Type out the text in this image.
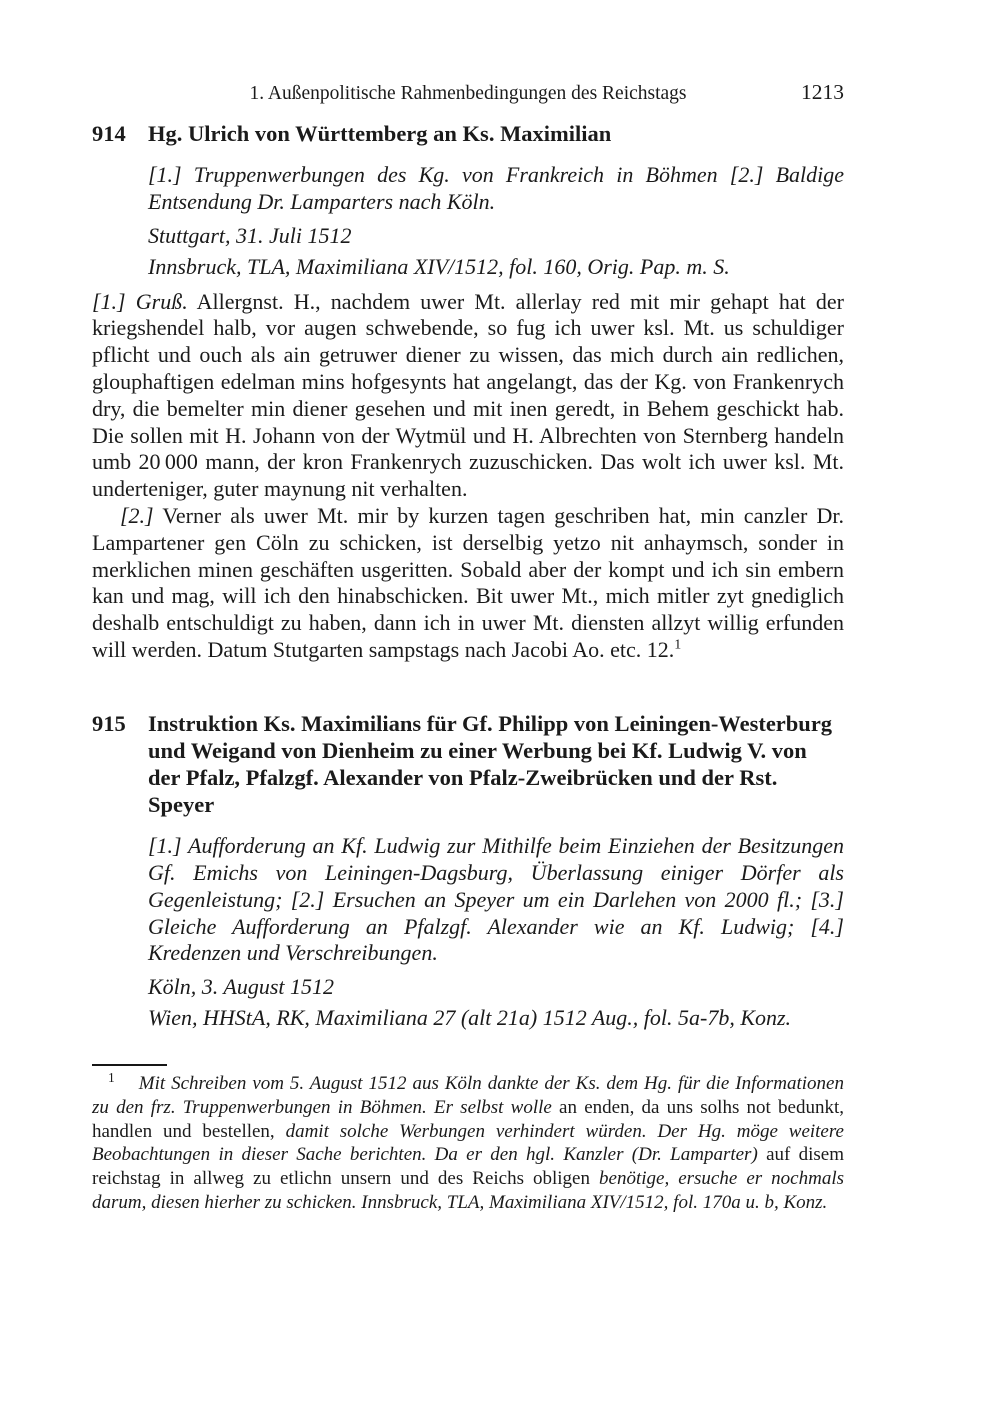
1. Außenpolitische Rahmenbedingungen des Reichstags	1213
914 Hg. Ulrich von Württemberg an Ks. Maximilian

[1.] Truppenwerbungen des Kg. von Frankreich in Böhmen [2.] Baldige Entsendung Dr. Lamparters nach Köln.

Stuttgart, 31. Juli 1512

Innsbruck, TLA, Maximiliana XIV/1512, fol. 160, Orig. Pap. m. S.

[1.] Gruß. Allergnst. H., nachdem uwer Mt. allerlay red mit mir gehapt hat der kriegshendel halb, vor augen schwebende, so fug ich uwer ksl. Mt. us schuldiger pflicht und ouch als ain getruwer diener zu wissen, das mich durch ain redlichen, glouphaftigen edelman mins hofgesynts hat angelangt, das der Kg. von Frankenrych dry, die bemelter min diener gesehen und mit inen geredt, in Behem geschickt hab. Die sollen mit H. Johann von der Wytmül und H. Albrechten von Sternberg handeln umb 20 000 mann, der kron Frankenrych zuzuschicken. Das wolt ich uwer ksl. Mt. underteniger, guter maynung nit verhalten.

[2.] Verner als uwer Mt. mir by kurzen tagen geschriben hat, min canzler Dr. Lampartener gen Cöln zu schicken, ist derselbig yetzo nit anhaymsch, sonder in merklichen minen geschäften usgeritten. Sobald aber der kompt und ich sin embern kan und mag, will ich den hinabschicken. Bit uwer Mt., mich mitler zyt gnediglich deshalb entschuldigt zu haben, dann ich in uwer Mt. diensten allzyt willig erfunden will werden. Datum Stutgarten sampstags nach Jacobi Ao. etc. 12.$^1$

915 Instruktion Ks. Maximilians für Gf. Philipp von Leiningen-Westerburg und Weigand von Dienheim zu einer Werbung bei Kf. Ludwig V. von der Pfalz, Pfalzgf. Alexander von Pfalz-Zweibrücken und der Rst. Speyer

[1.] Aufforderung an Kf. Ludwig zur Mithilfe beim Einziehen der Besitzungen Gf. Emichs von Leiningen-Dagsburg, Überlassung einiger Dörfer als Gegenleistung; [2.] Ersuchen an Speyer um ein Darlehen von 2000 fl.; [3.] Gleiche Aufforderung an Pfalzgf. Alexander wie an Kf. Ludwig; [4.] Kredenzen und Verschreibungen.

Köln, 3. August 1512

Wien, HHStA, RK, Maximiliana 27 (alt 21a) 1512 Aug., fol. 5a-7b, Konz.

$^1$ Mit Schreiben vom 5. August 1512 aus Köln dankte der Ks. dem Hg. für die Informationen zu den frz. Truppenwerbungen in Böhmen. Er selbst wolle an enden, da uns solhs not bedunkt, handlen und bestellen, damit solche Werbungen verhindert würden. Der Hg. möge weitere Beobachtungen in dieser Sache berichten. Da er den hgl. Kanzler (Dr. Lamparter) auf disem reichstag in allweg zu etlichn unsern und des Reichs obligen benötige, ersuche er nochmals darum, diesen hierher zu schicken. Innsbruck, TLA, Maximiliana XIV/1512, fol. 170a u. b, Konz.
